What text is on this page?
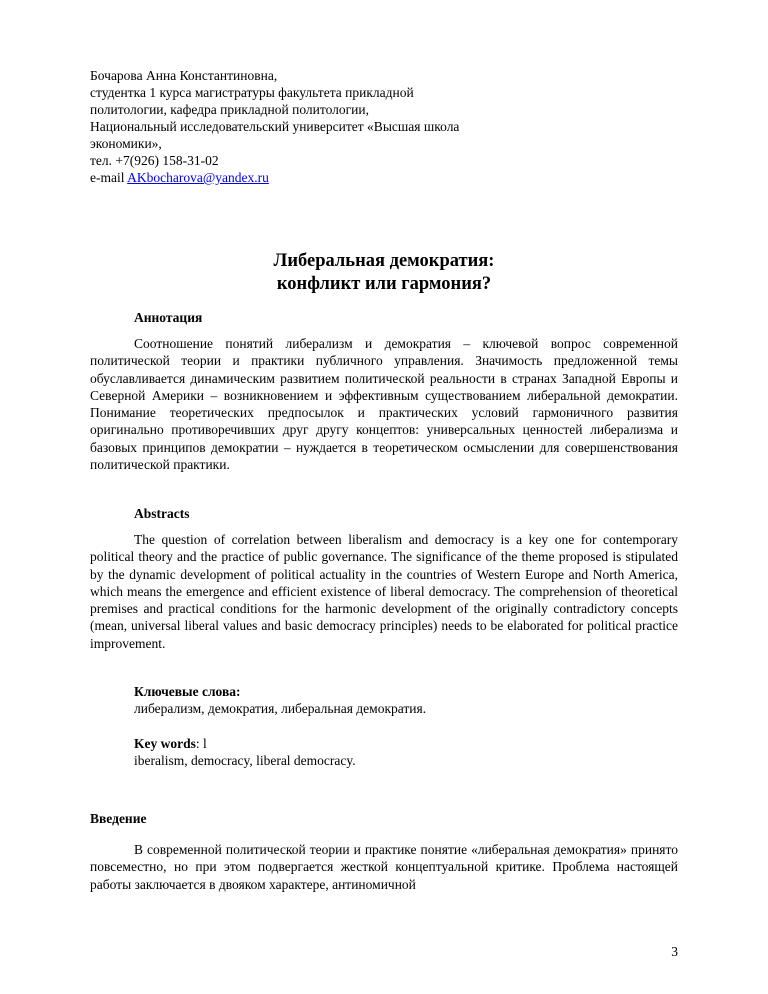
Бочарова Анна Константиновна,
студентка 1 курса магистратуры факультета прикладной
политологии, кафедра прикладной политологии,
Национальный исследовательский университет «Высшая школа
экономики»,
тел. +7(926) 158-31-02
e-mail AKbocharova@yandex.ru
Либеральная демократия:
конфликт или гармония?
Аннотация
Соотношение понятий либерализм и демократия – ключевой вопрос современной политической теории и практики публичного управления. Значимость предложенной темы обуславливается динамическим развитием политической реальности в странах Западной Европы и Северной Америки – возникновением и эффективным существованием либеральной демократии. Понимание теоретических предпосылок и практических условий гармоничного развития оригинально противоречивших друг другу концептов: универсальных ценностей либерализма и базовых принципов демократии – нуждается в теоретическом осмыслении для совершенствования политической практики.
Abstracts
The question of correlation between liberalism and democracy is a key one for contemporary political theory and the practice of public governance. The significance of the theme proposed is stipulated by the dynamic development of political actuality in the countries of Western Europe and North America, which means the emergence and efficient existence of liberal democracy. The comprehension of theoretical premises and practical conditions for the harmonic development of the originally contradictory concepts (mean, universal liberal values and basic democracy principles) needs to be elaborated for political practice improvement.
Ключевые слова:
либерализм, демократия, либеральная демократия.
Key words: l
iberalism, democracy, liberal democracy.
Введение
В современной политической теории и практике понятие «либеральная демократия» принято повсеместно, но при этом подвергается жесткой концептуальной критике. Проблема настоящей работы заключается в двояком характере, антиномичной
3
